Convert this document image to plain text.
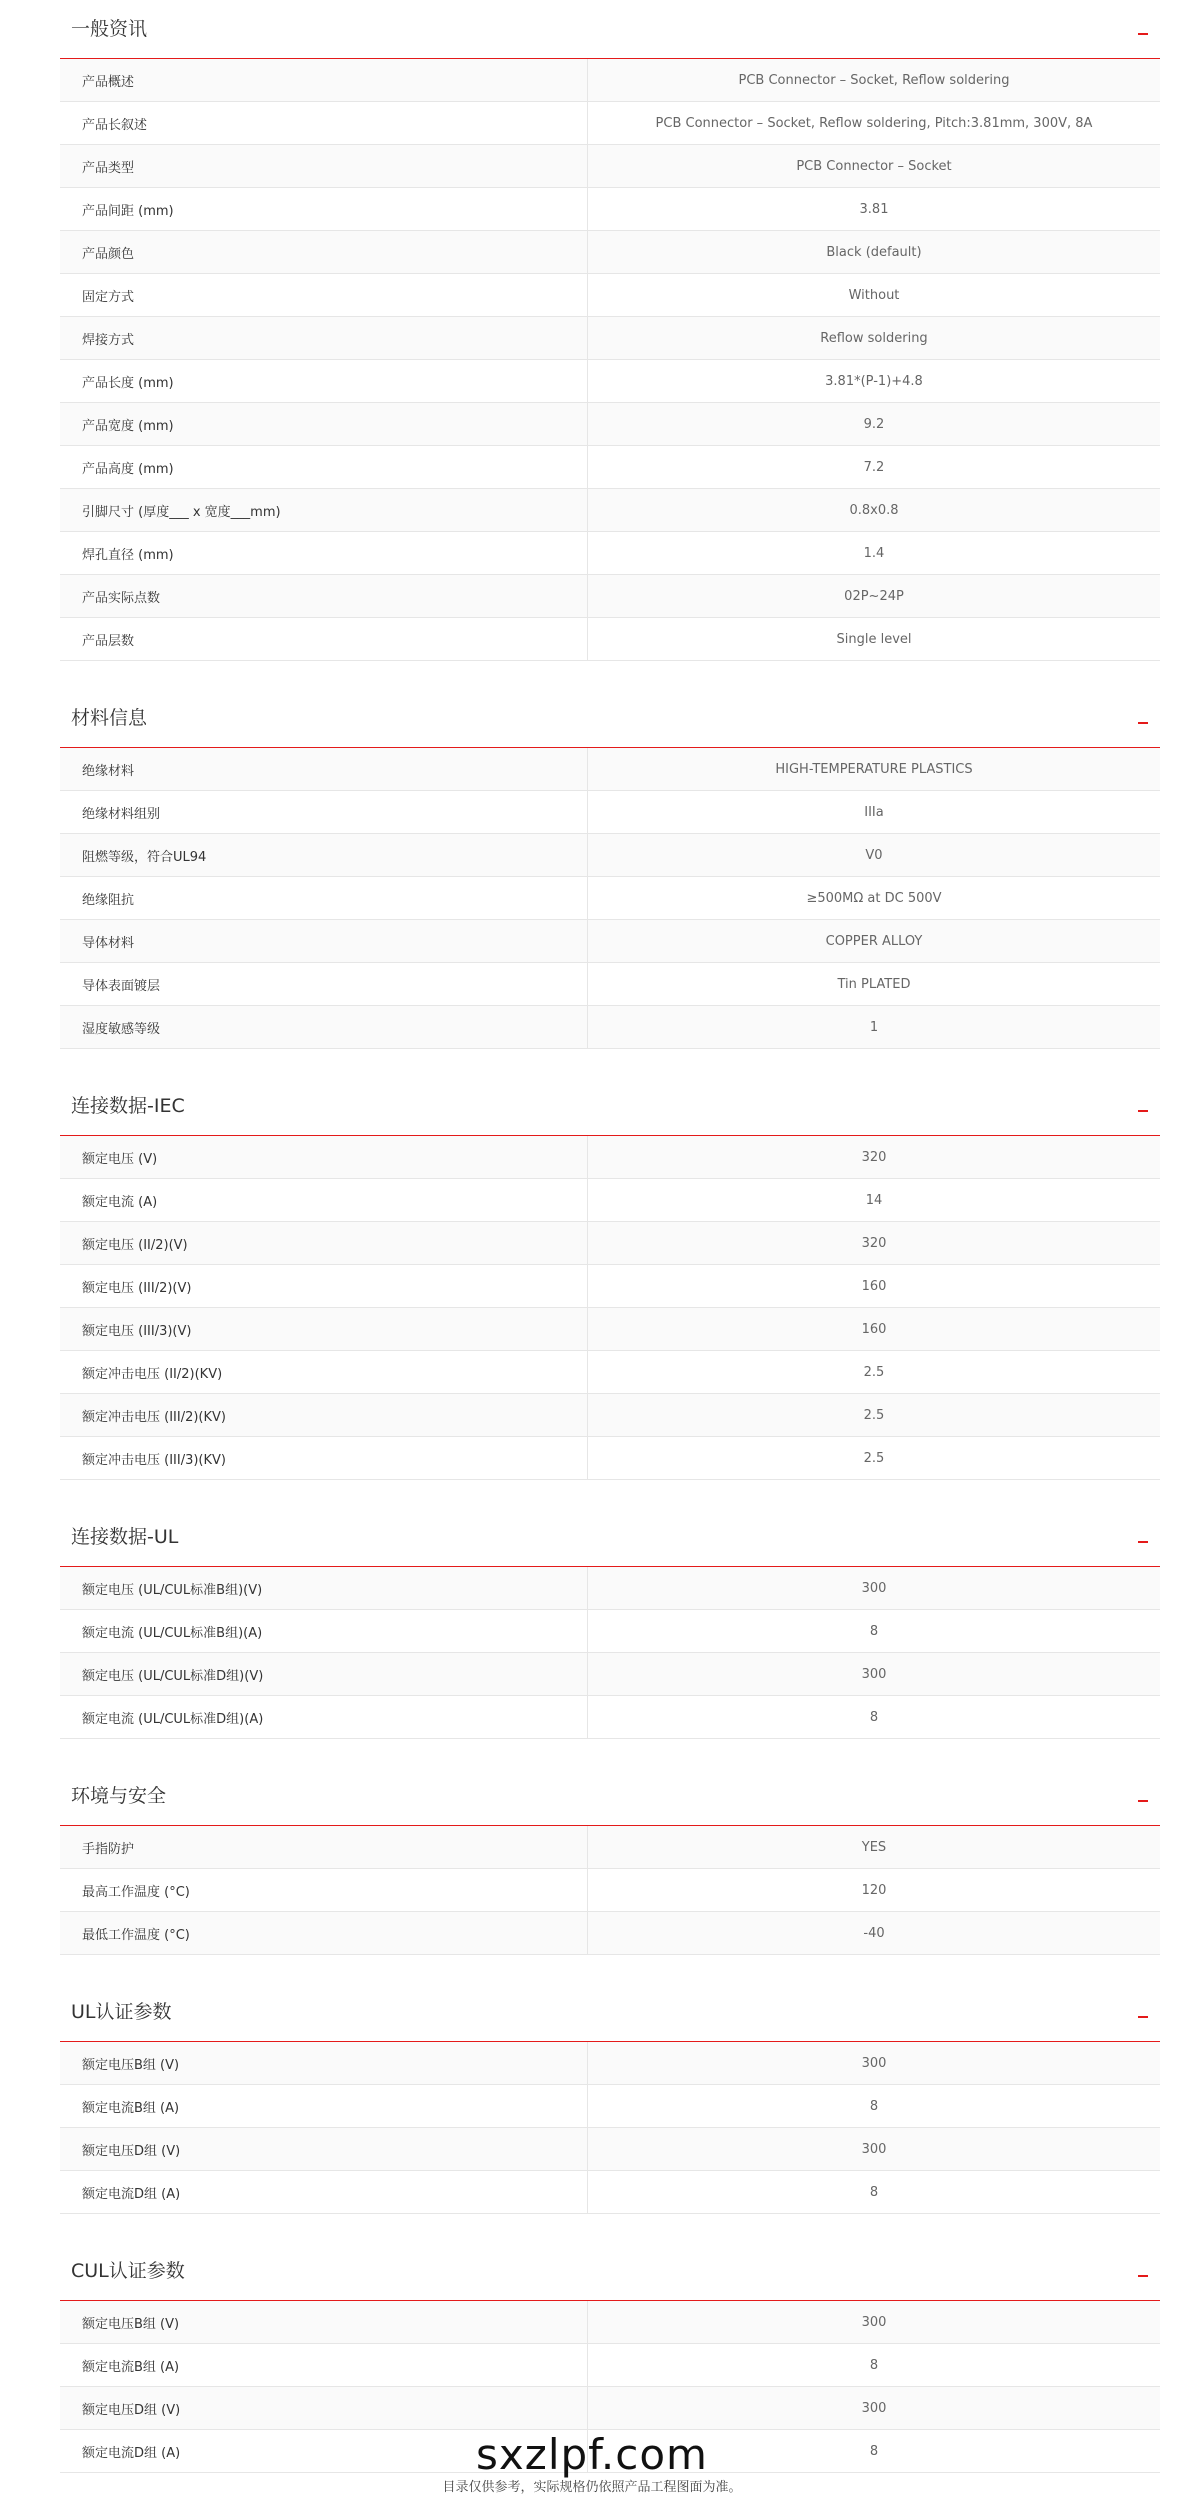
一般资讯
产品概述	PCB Connector – Socket, Reflow soldering
产品长叙述	PCB Connector – Socket, Reflow soldering, Pitch:3.81mm, 300V, 8A
产品类型	PCB Connector – Socket
产品间距 (mm)	3.81
产品颜色	Black (default)
固定方式	Without
焊接方式	Reflow soldering
产品长度 (mm)	3.81*(P-1)+4.8
产品宽度 (mm)	9.2
产品高度 (mm)	7.2
引脚尺寸 (厚度___ x 宽度___mm)	0.8x0.8
焊孔直径 (mm)	1.4
产品实际点数	02P~24P
产品层数	Single level
材料信息
绝缘材料	HIGH-TEMPERATURE PLASTICS
绝缘材料组别	IIIa
阻燃等级，符合UL94	V0
绝缘阻抗	≥500MΩ at DC 500V
导体材料	COPPER ALLOY
导体表面镀层	Tin PLATED
湿度敏感等级	1
连接数据-IEC
额定电压 (V)	320
额定电流 (A)	14
额定电压 (II/2)(V)	320
额定电压 (III/2)(V)	160
额定电压 (III/3)(V)	160
额定冲击电压 (II/2)(KV)	2.5
额定冲击电压 (III/2)(KV)	2.5
额定冲击电压 (III/3)(KV)	2.5
连接数据-UL
额定电压 (UL/CUL标准B组)(V)	300
额定电流 (UL/CUL标准B组)(A)	8
额定电压 (UL/CUL标准D组)(V)	300
额定电流 (UL/CUL标准D组)(A)	8
环境与安全
手指防护	YES
最高工作温度 (°C)	120
最低工作温度 (°C)	-40
UL认证参数
额定电压B组 (V)	300
额定电流B组 (A)	8
额定电压D组 (V)	300
额定电流D组 (A)	8
CUL认证参数
额定电压B组 (V)	300
额定电流B组 (A)	8
额定电压D组 (V)	300
额定电流D组 (A)	8
sxzlpf.com
目录仅供参考，实际规格仍依照产品工程图面为准。
